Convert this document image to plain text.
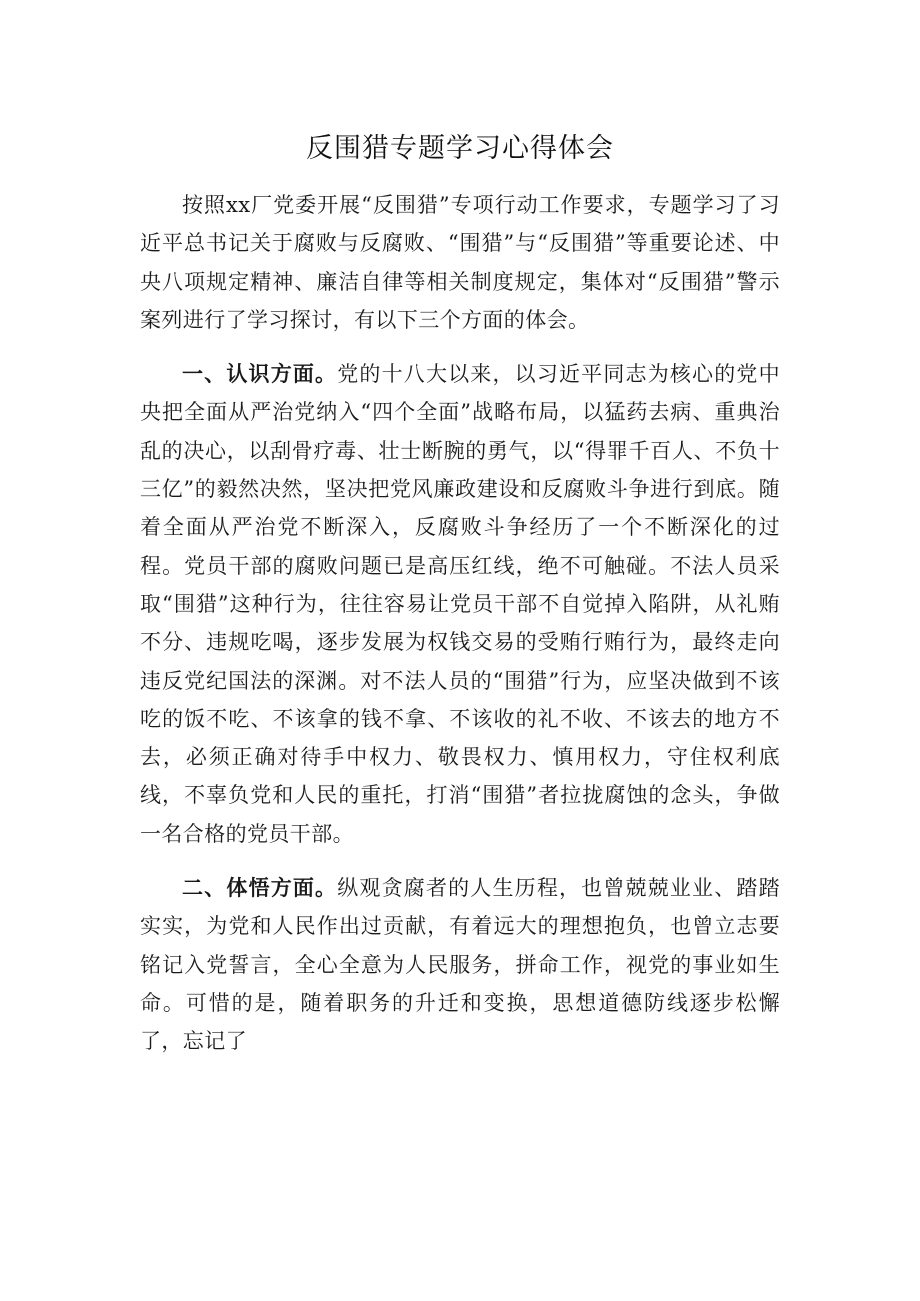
反围猎专题学习心得体会

按照xx厂党委开展“反围猎”专项行动工作要求，专题学习了习近平总书记关于腐败与反腐败、“围猎”与“反围猎”等重要论述、中央八项规定精神、廉洁自律等相关制度规定，集体对“反围猎”警示案列进行了学习探讨，有以下三个方面的体会。

一、认识方面。党的十八大以来，以习近平同志为核心的党中央把全面从严治党纳入“四个全面”战略布局，以猛药去病、重典治乱的决心，以刮骨疗毒、壮士断腕的勇气，以“得罪千百人、不负十三亿”的毅然决然，坚决把党风廉政建设和反腐败斗争进行到底。随着全面从严治党不断深入，反腐败斗争经历了一个不断深化的过程。党员干部的腐败问题已是高压红线，绝不可触碰。不法人员采取“围猎”这种行为，往往容易让党员干部不自觉掉入陷阱，从礼贿不分、违规吃喝，逐步发展为权钱交易的受贿行贿行为，最终走向违反党纪国法的深渊。对不法人员的“围猎”行为，应坚决做到不该吃的饭不吃、不该拿的钱不拿、不该收的礼不收、不该去的地方不去，必须正确对待手中权力、敬畏权力、慎用权力，守住权利底线，不辜负党和人民的重托，打消“围猎”者拉拢腐蚀的念头，争做一名合格的党员干部。

二、体悟方面。纵观贪腐者的人生历程，也曾兢兢业业、踏踏实实，为党和人民作出过贡献，有着远大的理想抱负，也曾立志要铭记入党誓言，全心全意为人民服务，拼命工作，视党的事业如生命。可惜的是，随着职务的升迁和变换，思想道德防线逐步松懈了，忘记了
